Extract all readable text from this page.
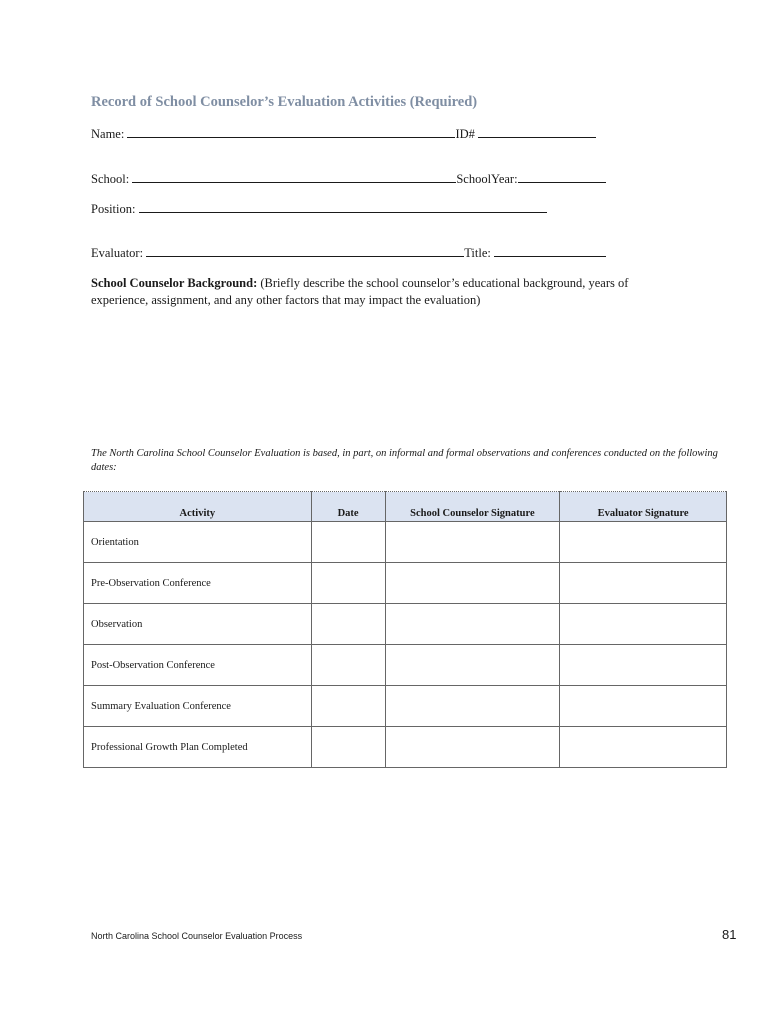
Record of School Counselor’s Evaluation Activities (Required)
Name:	ID#
School:	SchoolYear:
Position:
Evaluator:	Title:
School Counselor Background: (Briefly describe the school counselor’s educational background, years of experience, assignment, and any other factors that may impact the evaluation)
The North Carolina School Counselor Evaluation is based, in part, on informal and formal observations and conferences conducted on the following dates:
Activity	Date	School Counselor Signature	Evaluator Signature
Orientation			
Pre-Observation Conference			
Observation			
Post-Observation Conference			
Summary Evaluation Conference			
Professional Growth Plan Completed			
North Carolina School Counselor Evaluation Process	81
